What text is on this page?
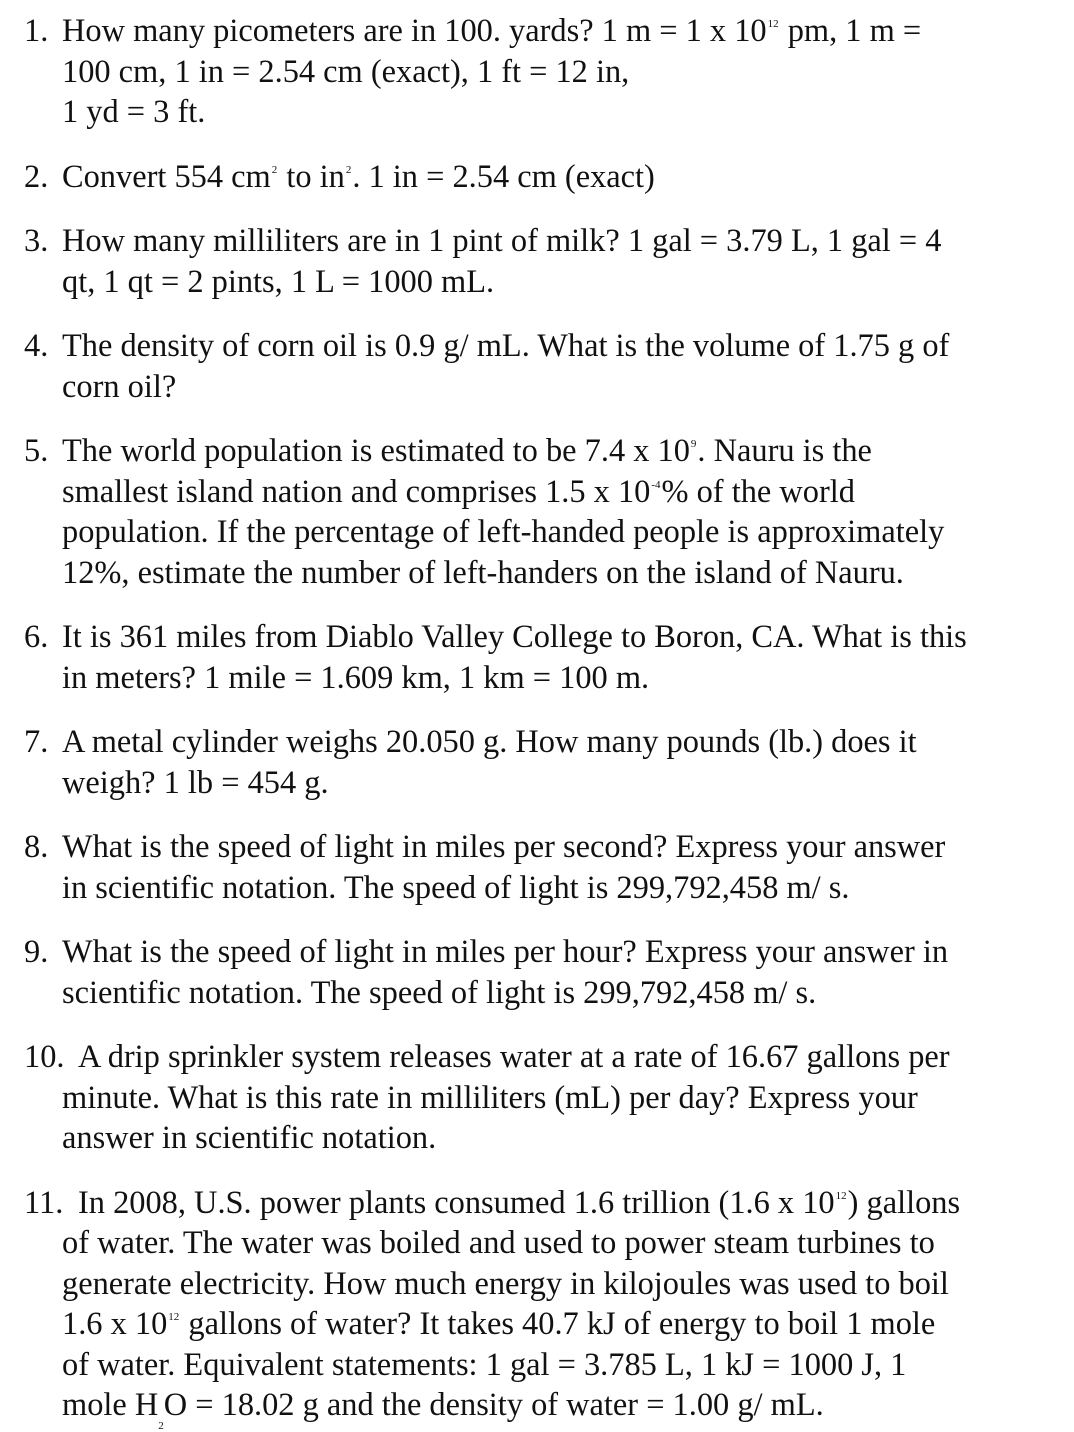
1. How many picometers are in 100. yards? 1 m = 1 x $10^{12}$ pm, 1 m =
100 cm, 1 in = 2.54 cm (exact), 1 ft = 12 in,
1 yd = 3 ft.
2. Convert 554 $cm^2$ to $in^2$. 1 in = 2.54 cm (exact)
3. How many milliliters are in 1 pint of milk? 1 gal = 3.79 L, 1 gal = 4
qt, 1 qt = 2 pints, 1 L = 1000 mL.
4. The density of corn oil is 0.9 g/ mL. What is the volume of 1.75 g of
corn oil?
5. The world population is estimated to be 7.4 x $10^9$. Nauru is the
smallest island nation and comprises 1.5 x $10^{-4}\%$ of the world
population. If the percentage of left-handed people is approximately
12%, estimate the number of left-handers on the island of Nauru.
6. It is 361 miles from Diablo Valley College to Boron, CA. What is this
in meters? 1 mile = 1.609 km, 1 km = 100 m.
7. A metal cylinder weighs 20.050 g. How many pounds (lb.) does it
weigh? 1 lb = 454 g.
8. What is the speed of light in miles per second? Express your answer
in scientific notation. The speed of light is 299,792,458 m/ s.
9. What is the speed of light in miles per hour? Express your answer in
scientific notation. The speed of light is 299,792,458 m/ s.
10. A drip sprinkler system releases water at a rate of 16.67 gallons per
minute. What is this rate in milliliters (mL) per day? Express your
answer in scientific notation.
11. In 2008, U.S. power plants consumed 1.6 trillion (1.6 x $10^{12}$) gallons
of water. The water was boiled and used to power steam turbines to
generate electricity. How much energy in kilojoules was used to boil
1.6 x $10^{12}$ gallons of water? It takes 40.7 kJ of energy to boil 1 mole
of water. Equivalent statements: 1 gal = 3.785 L, 1 kJ = 1000 J, 1
mole $H_2O = 18.02$ g and the density of water = 1.00 g/ mL.
